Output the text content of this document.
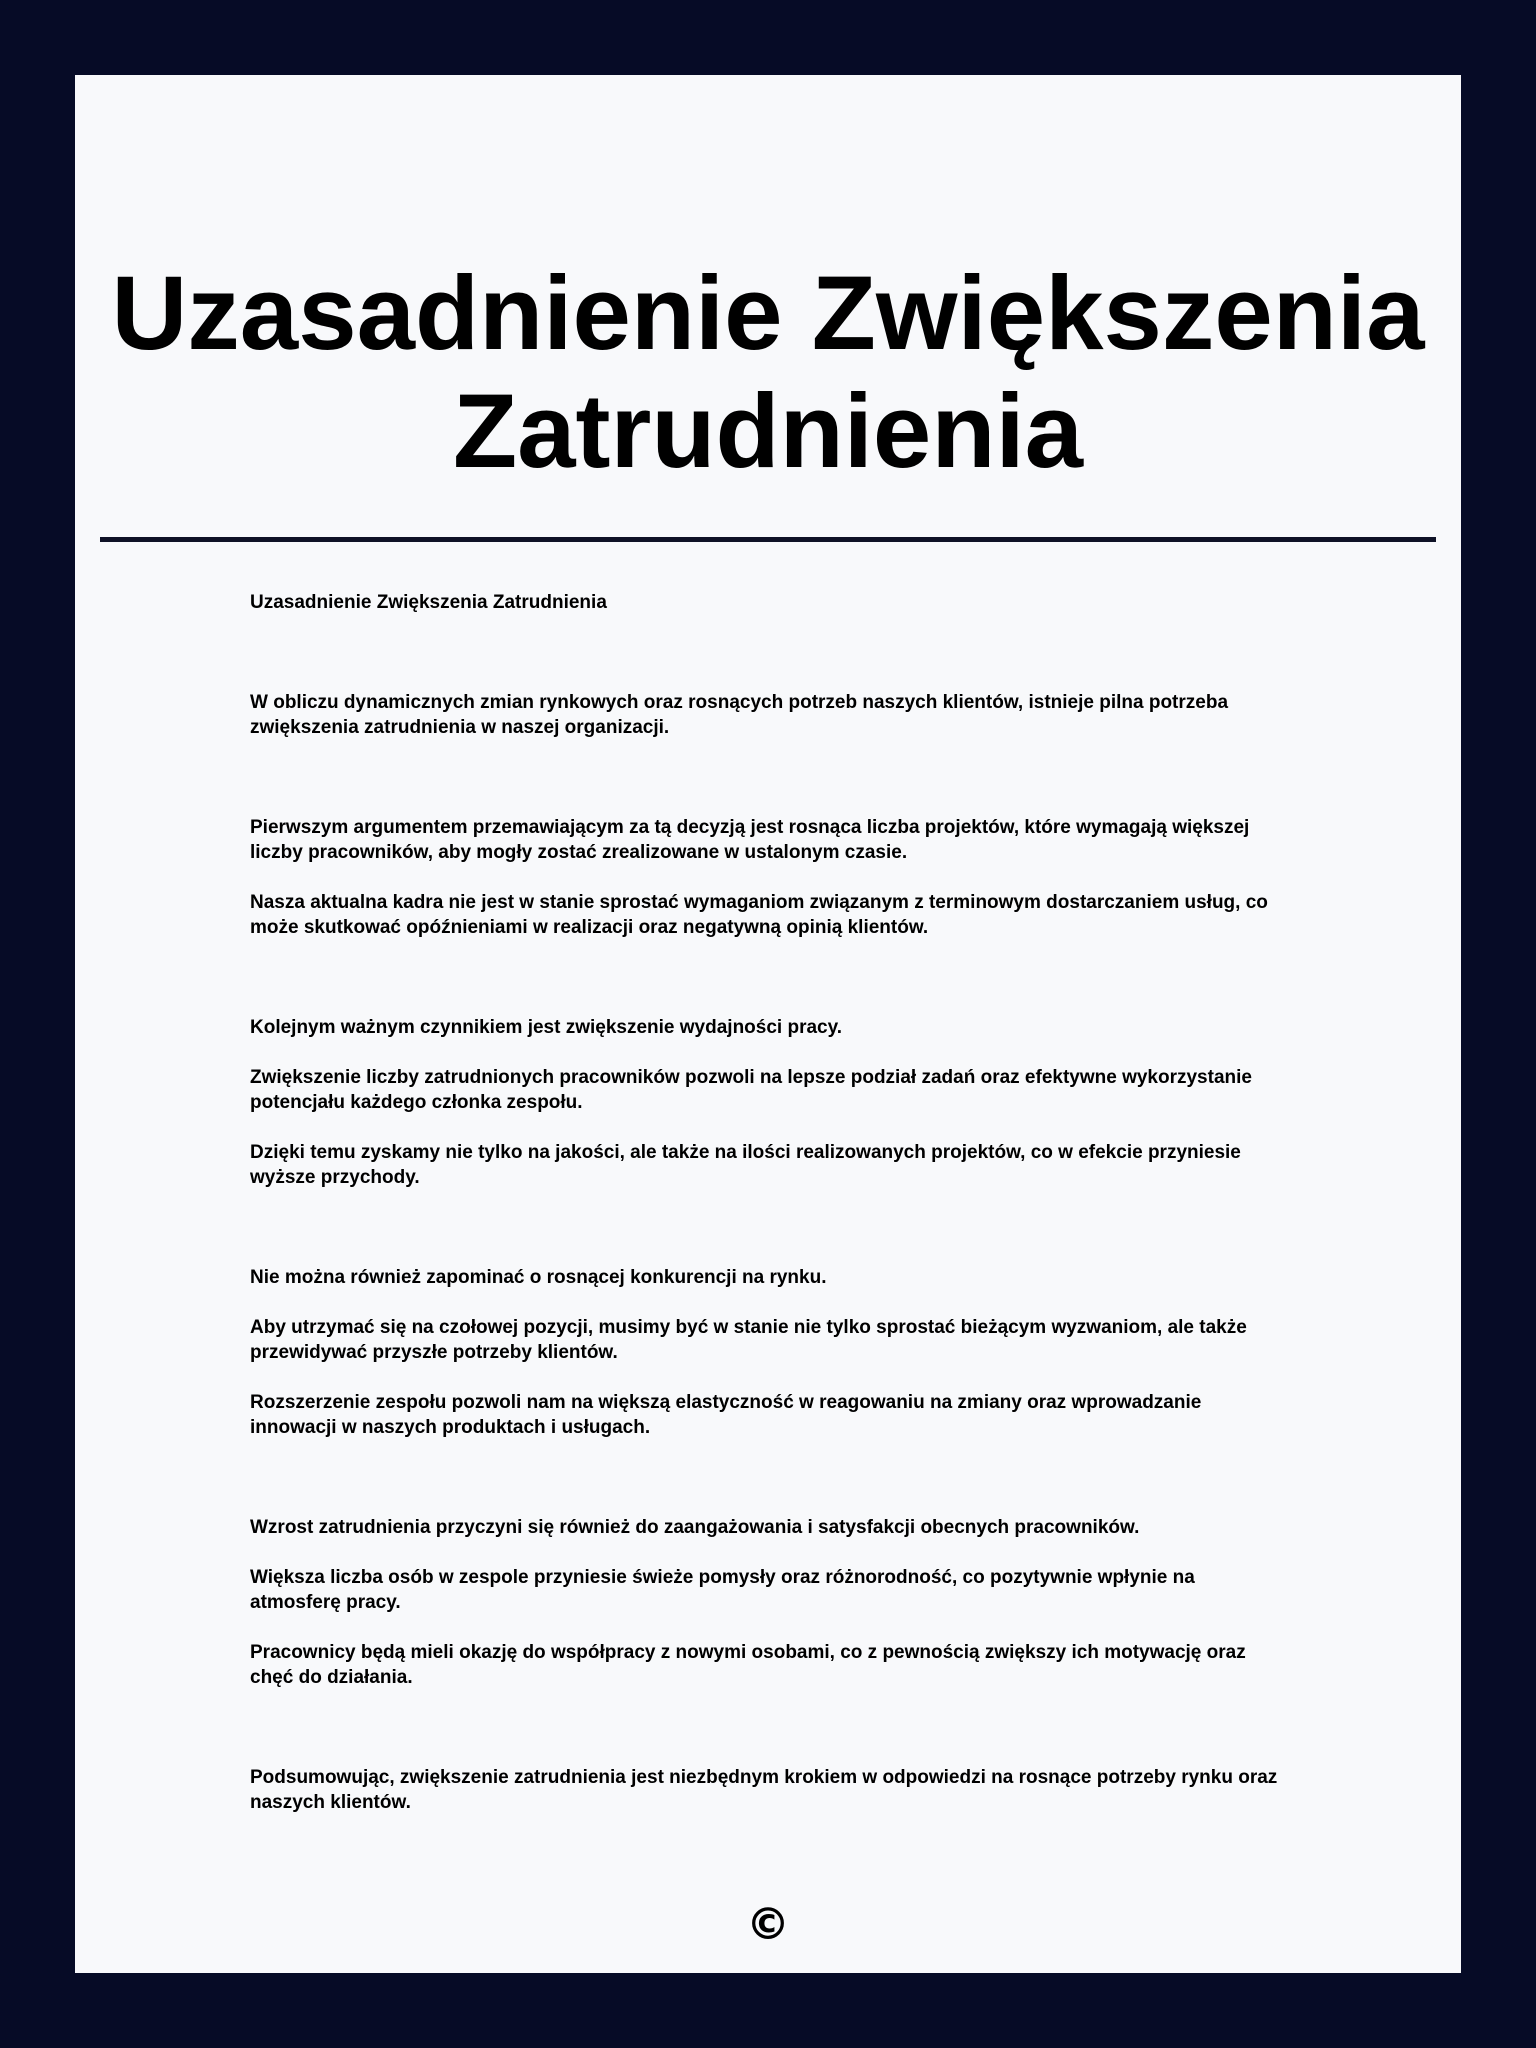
Uzasadnienie Zwiększenia Zatrudnienia

Uzasadnienie Zwiększenia Zatrudnienia

W obliczu dynamicznych zmian rynkowych oraz rosnących potrzeb naszych klientów, istnieje pilna potrzeba zwiększenia zatrudnienia w naszej organizacji.

Pierwszym argumentem przemawiającym za tą decyzją jest rosnąca liczba projektów, które wymagają większej liczby pracowników, aby mogły zostać zrealizowane w ustalonym czasie.

Nasza aktualna kadra nie jest w stanie sprostać wymaganiom związanym z terminowym dostarczaniem usług, co może skutkować opóźnieniami w realizacji oraz negatywną opinią klientów.

Kolejnym ważnym czynnikiem jest zwiększenie wydajności pracy.

Zwiększenie liczby zatrudnionych pracowników pozwoli na lepsze podział zadań oraz efektywne wykorzystanie potencjału każdego członka zespołu.

Dzięki temu zyskamy nie tylko na jakości, ale także na ilości realizowanych projektów, co w efekcie przyniesie wyższe przychody.

Nie można również zapominać o rosnącej konkurencji na rynku.

Aby utrzymać się na czołowej pozycji, musimy być w stanie nie tylko sprostać bieżącym wyzwaniom, ale także przewidywać przyszłe potrzeby klientów.

Rozszerzenie zespołu pozwoli nam na większą elastyczność w reagowaniu na zmiany oraz wprowadzanie innowacji w naszych produktach i usługach.

Wzrost zatrudnienia przyczyni się również do zaangażowania i satysfakcji obecnych pracowników.

Większa liczba osób w zespole przyniesie świeże pomysły oraz różnorodność, co pozytywnie wpłynie na atmosferę pracy.

Pracownicy będą mieli okazję do współpracy z nowymi osobami, co z pewnością zwiększy ich motywację oraz chęć do działania.

Podsumowując, zwiększenie zatrudnienia jest niezbędnym krokiem w odpowiedzi na rosnące potrzeby rynku oraz naszych klientów.

©
